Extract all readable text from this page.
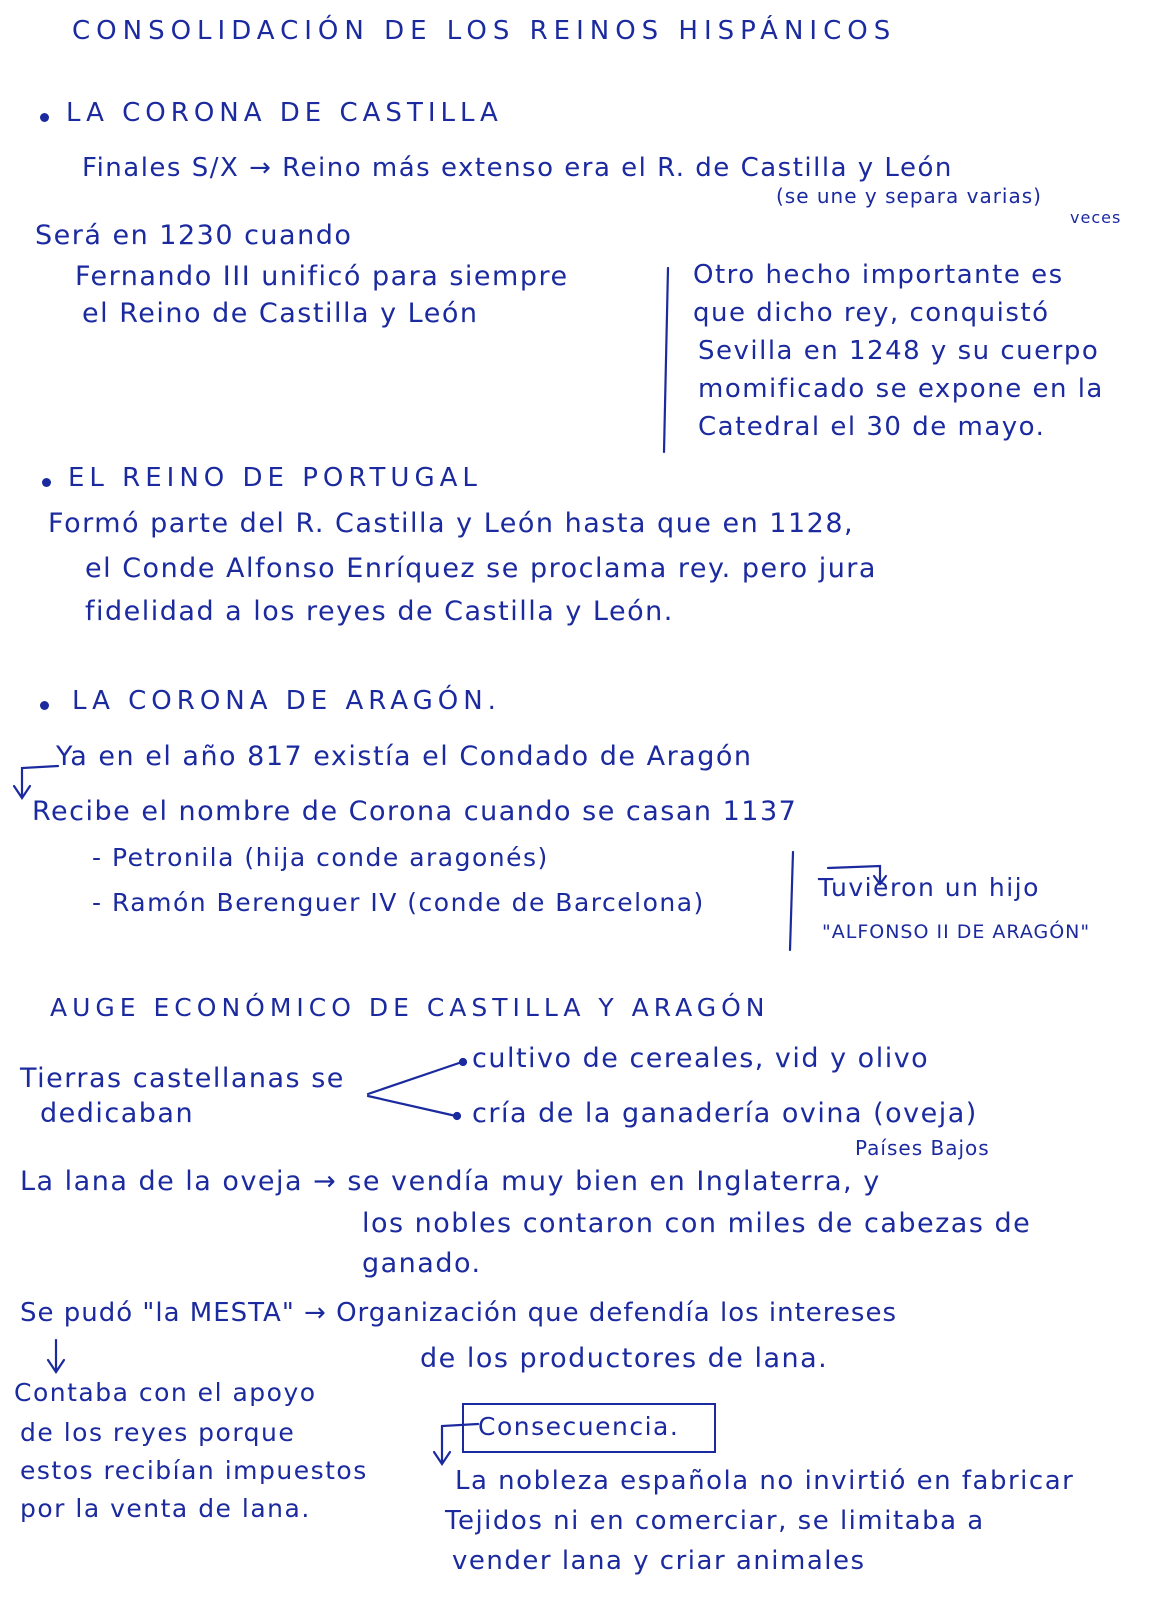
CONSOLIDACIÓN DE LOS REINOS HISPÁNICOS
LA CORONA DE CASTILLA
Finales S/X → Reino más extenso era el R. de Castilla y León
(se une y separa varias)
veces
Será en 1230 cuando
Fernando III unificó para siempre
el Reino de Castilla y León
Otro hecho importante es
que dicho rey, conquistó
Sevilla en 1248 y su cuerpo
momificado se expone en la
Catedral el 30 de mayo.
EL REINO DE PORTUGAL
Formó parte del R. Castilla y León hasta que en 1128,
el Conde Alfonso Enríquez se proclama rey. pero jura
fidelidad a los reyes de Castilla y León.
LA CORONA DE ARAGÓN.
Ya en el año 817 existía el Condado de Aragón
Recibe el nombre de Corona cuando se casan 1137
- Petronila (hija conde aragonés)
- Ramón Berenguer IV (conde de Barcelona)
Tuvieron un hijo
"ALFONSO II DE ARAGÓN"
AUGE ECONÓMICO DE CASTILLA Y ARAGÓN
Tierras castellanas se
dedicaban
cultivo de cereales, vid y olivo
cría de la ganadería ovina (oveja)
Países Bajos
La lana de la oveja → se vendía muy bien en Inglaterra, y
los nobles contaron con miles de cabezas de
ganado.
Se pudó "la MESTA" → Organización que defendía los intereses
de los productores de lana.
Contaba con el apoyo
de los reyes porque
estos recibían impuestos
por la venta de lana.
Consecuencia.
La nobleza española no invirtió en fabricar
Tejidos ni en comerciar, se limitaba a
vender lana y criar animales
